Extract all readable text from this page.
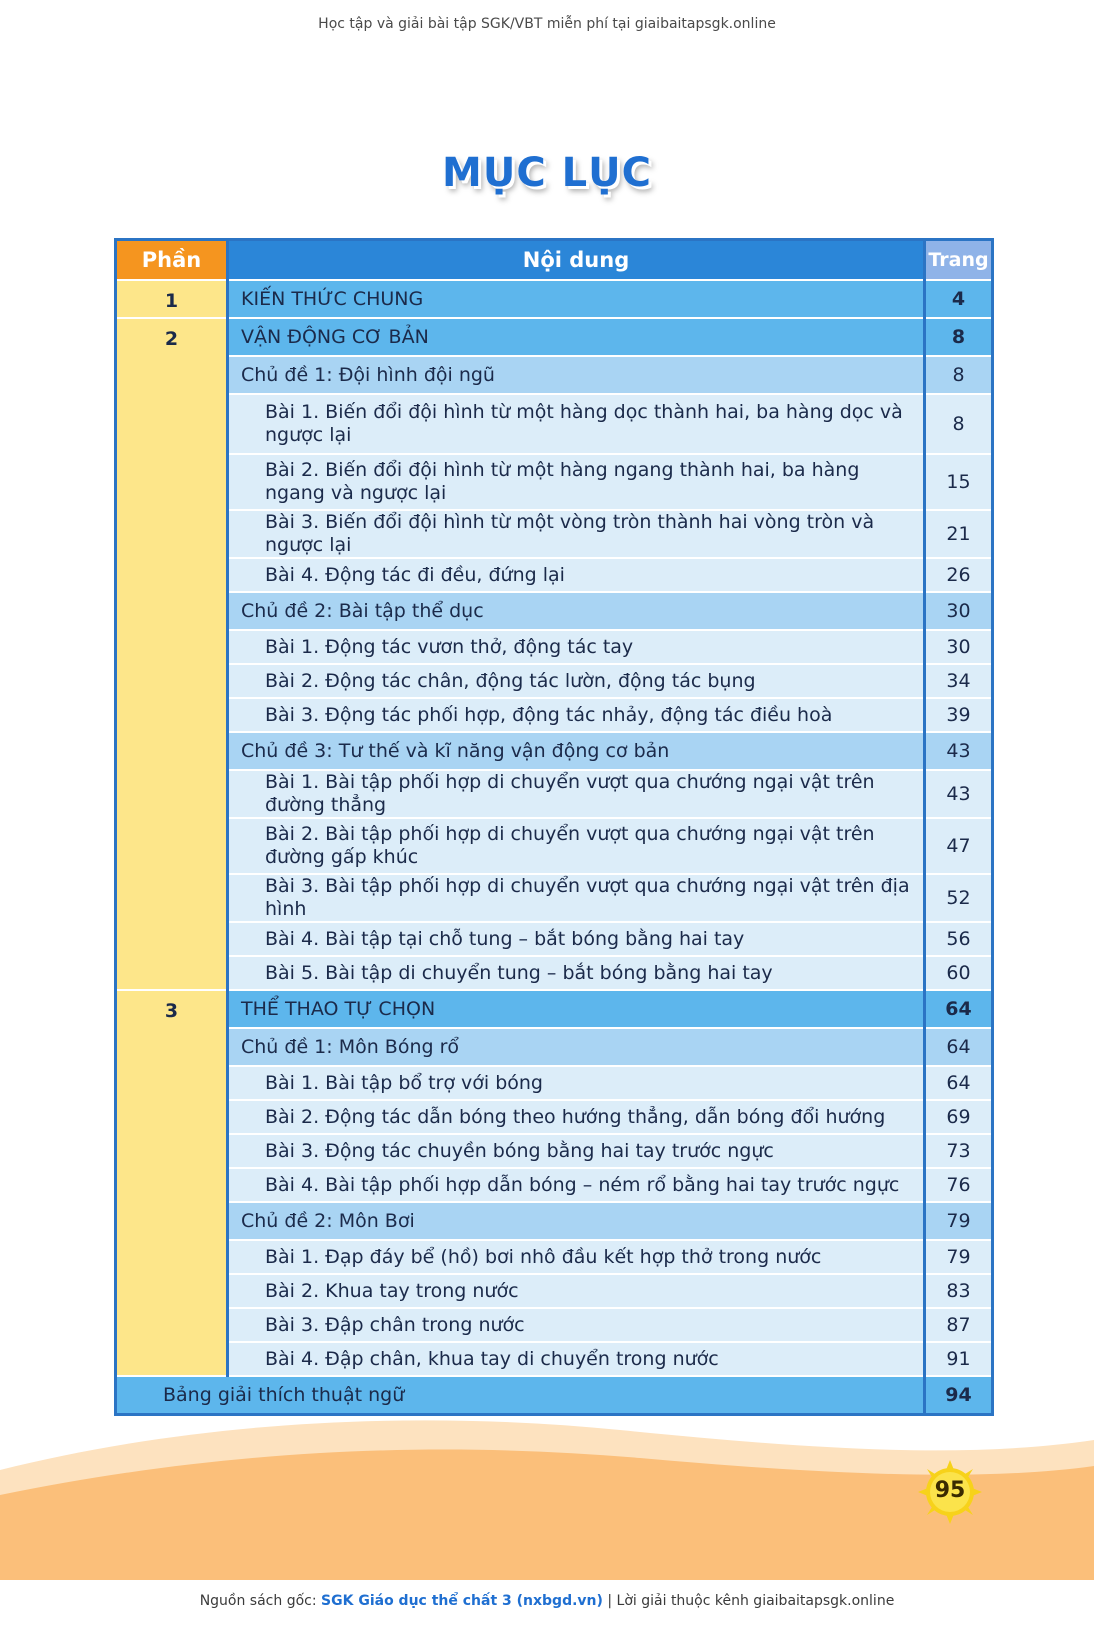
Học tập và giải bài tập SGK/VBT miễn phí tại giaibaitapsgk.online
MỤC LỤC
Phần	Nội dung	Trang
1	KIẾN THỨC CHUNG	4
2	VẬN ĐỘNG CƠ BẢN	8
	Chủ đề 1: Đội hình đội ngũ	8
	Bài 1. Biến đổi đội hình từ một hàng dọc thành hai, ba hàng dọc và ngược lại	8
	Bài 2. Biến đổi đội hình từ một hàng ngang thành hai, ba hàng ngang và ngược lại	15
	Bài 3. Biến đổi đội hình từ một vòng tròn thành hai vòng tròn và ngược lại	21
	Bài 4. Động tác đi đều, đứng lại	26
	Chủ đề 2: Bài tập thể dục	30
	Bài 1. Động tác vươn thở, động tác tay	30
	Bài 2. Động tác chân, động tác lườn, động tác bụng	34
	Bài 3. Động tác phối hợp, động tác nhảy, động tác điều hoà	39
	Chủ đề 3: Tư thế và kĩ năng vận động cơ bản	43
	Bài 1. Bài tập phối hợp di chuyển vượt qua chướng ngại vật trên đường thẳng	43
	Bài 2. Bài tập phối hợp di chuyển vượt qua chướng ngại vật trên đường gấp khúc	47
	Bài 3. Bài tập phối hợp di chuyển vượt qua chướng ngại vật trên địa hình	52
	Bài 4. Bài tập tại chỗ tung – bắt bóng bằng hai tay	56
	Bài 5. Bài tập di chuyển tung – bắt bóng bằng hai tay	60
3	THỂ THAO TỰ CHỌN	64
	Chủ đề 1: Môn Bóng rổ	64
	Bài 1. Bài tập bổ trợ với bóng	64
	Bài 2. Động tác dẫn bóng theo hướng thẳng, dẫn bóng đổi hướng	69
	Bài 3. Động tác chuyền bóng bằng hai tay trước ngực	73
	Bài 4. Bài tập phối hợp dẫn bóng – ném rổ bằng hai tay trước ngực	76
	Chủ đề 2: Môn Bơi	79
	Bài 1. Đạp đáy bể (hồ) bơi nhô đầu kết hợp thở trong nước	79
	Bài 2. Khua tay trong nước	83
	Bài 3. Đập chân trong nước	87
	Bài 4. Đập chân, khua tay di chuyển trong nước	91
Bảng giải thích thuật ngữ		94
95
Nguồn sách gốc: SGK Giáo dục thể chất 3 (nxbgd.vn) | Lời giải thuộc kênh giaibaitapsgk.online
